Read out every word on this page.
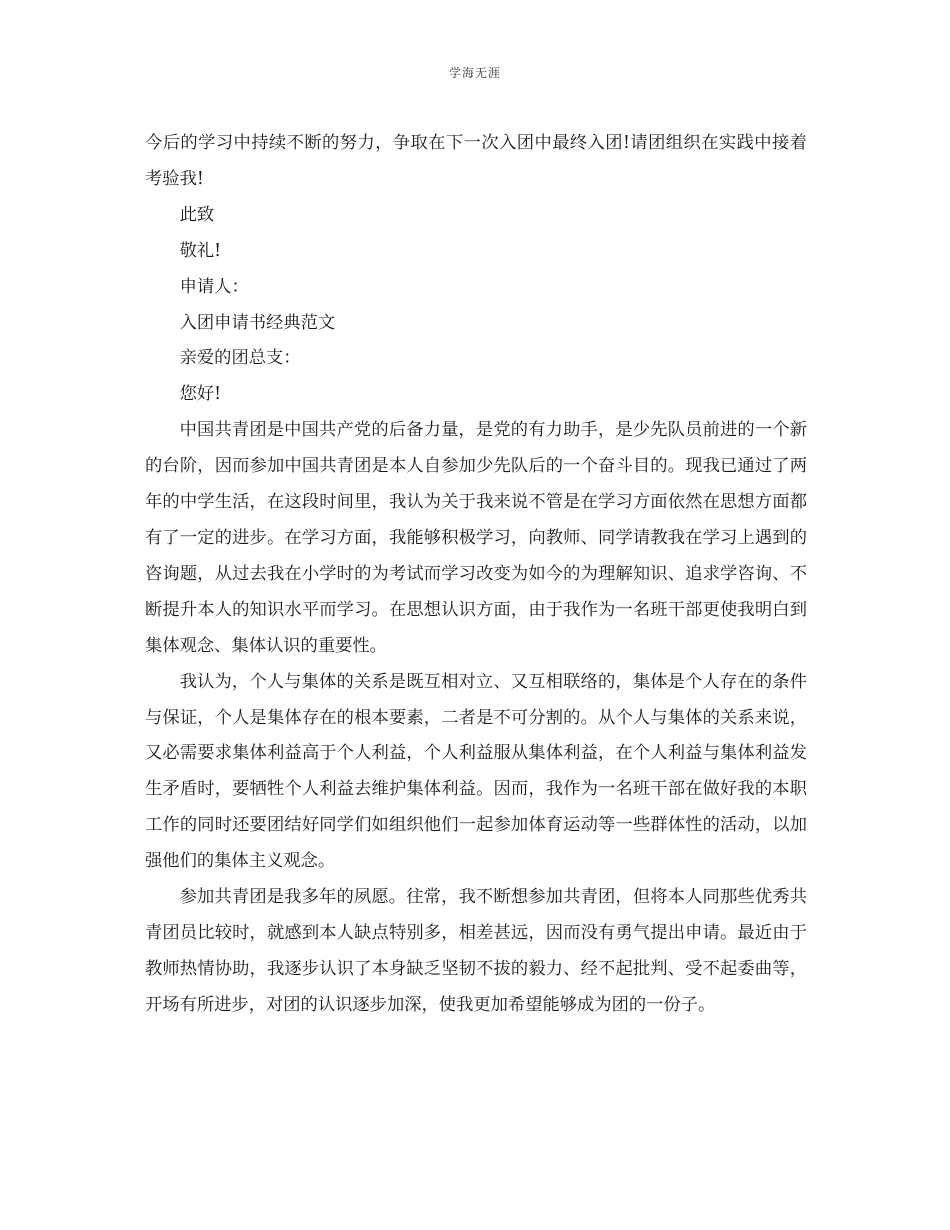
学海无涯

今后的学习中持续不断的努力，争取在下一次入团中最终入团!请团组织在实践中接着考验我!

此致

敬礼!

申请人：

入团申请书经典范文

亲爱的团总支：

您好!

中国共青团是中国共产党的后备力量，是党的有力助手，是少先队员前进的一个新的台阶，因而参加中国共青团是本人自参加少先队后的一个奋斗目的。现我已通过了两年的中学生活，在这段时间里，我认为关于我来说不管是在学习方面依然在思想方面都有了一定的进步。在学习方面，我能够积极学习，向教师、同学请教我在学习上遇到的咨询题，从过去我在小学时的为考试而学习改变为如今的为理解知识、追求学咨询、不断提升本人的知识水平而学习。在思想认识方面，由于我作为一名班干部更使我明白到集体观念、集体认识的重要性。

我认为，个人与集体的关系是既互相对立、又互相联络的，集体是个人存在的条件与保证，个人是集体存在的根本要素，二者是不可分割的。从个人与集体的关系来说，又必需要求集体利益高于个人利益，个人利益服从集体利益，在个人利益与集体利益发生矛盾时，要牺牲个人利益去维护集体利益。因而，我作为一名班干部在做好我的本职工作的同时还要团结好同学们如组织他们一起参加体育运动等一些群体性的活动，以加强他们的集体主义观念。

参加共青团是我多年的夙愿。往常，我不断想参加共青团，但将本人同那些优秀共青团员比较时，就感到本人缺点特别多，相差甚远，因而没有勇气提出申请。最近由于教师热情协助，我逐步认识了本身缺乏坚韧不拔的毅力、经不起批判、受不起委曲等，开场有所进步，对团的认识逐步加深，使我更加希望能够成为团的一份子。
